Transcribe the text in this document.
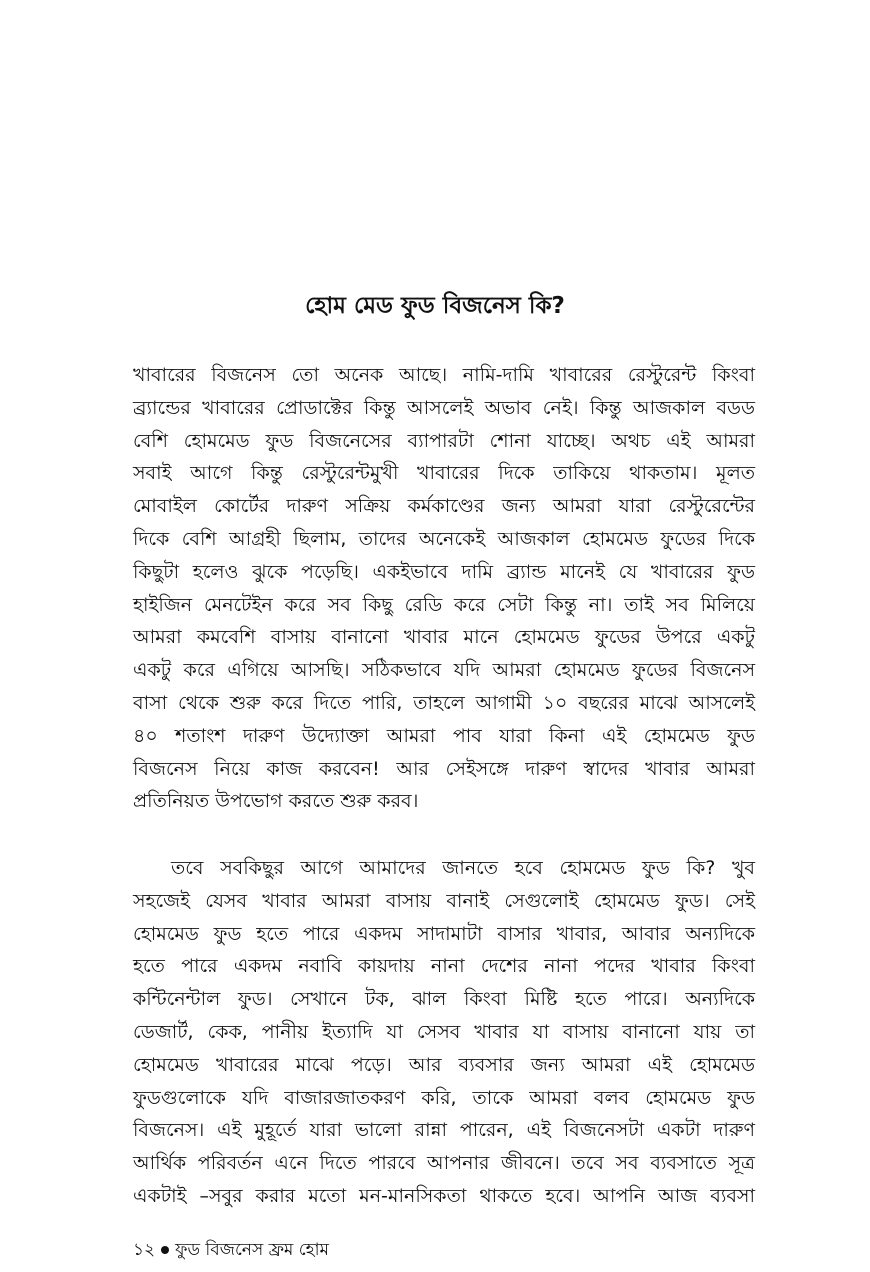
হোম মেড ফুড বিজনেস কি?
খাবারের বিজনেস তো অনেক আছে। নামি-দামি খাবারের রেস্টুরেন্ট কিংবা
ব্র্যান্ডের খাবারের প্রোডাক্টের কিন্তু আসলেই অভাব নেই। কিন্তু আজকাল বডড
বেশি হোমমেড ফুড বিজনেসের ব্যাপারটা শোনা যাচ্ছে। অথচ এই আমরা
সবাই আগে কিন্তু রেস্টুরেন্টমুখী খাবারের দিকে তাকিয়ে থাকতাম। মূলত
মোবাইল কোর্টের দারুণ সক্রিয় কর্মকাণ্ডের জন্য আমরা যারা রেস্টুরেন্টের
দিকে বেশি আগ্রহী ছিলাম, তাদের অনেকেই আজকাল হোমমেড ফুডের দিকে
কিছুটা হলেও ঝুকে পড়েছি। একইভাবে দামি ব্র্যান্ড মানেই যে খাবারের ফুড
হাইজিন মেনটেইন করে সব কিছু রেডি করে সেটা কিন্তু না। তাই সব মিলিয়ে
আমরা কমবেশি বাসায় বানানো খাবার মানে হোমমেড ফুডের উপরে একটু
একটু করে এগিয়ে আসছি। সঠিকভাবে যদি আমরা হোমমেড ফুডের বিজনেস
বাসা থেকে শুরু করে দিতে পারি, তাহলে আগামী ১০ বছরের মাঝে আসলেই
৪০ শতাংশ দারুণ উদ্যোক্তা আমরা পাব যারা কিনা এই হোমমেড ফুড
বিজনেস নিয়ে কাজ করবেন! আর সেইসঙ্গে দারুণ স্বাদের খাবার আমরা
প্রতিনিয়ত উপভোগ করতে শুরু করব।
তবে সবকিছুর আগে আমাদের জানতে হবে হোমমেড ফুড কি? খুব
সহজেই যেসব খাবার আমরা বাসায় বানাই সেগুলোই হোমমেড ফুড। সেই
হোমমেড ফুড হতে পারে একদম সাদামাটা বাসার খাবার, আবার অন্যদিকে
হতে পারে একদম নবাবি কায়দায় নানা দেশের নানা পদের খাবার কিংবা
কন্টিনেন্টাল ফুড। সেখানে টক, ঝাল কিংবা মিষ্টি হতে পারে। অন্যদিকে
ডেজার্ট, কেক, পানীয় ইত্যাদি যা সেসব খাবার যা বাসায় বানানো যায় তা
হোমমেড খাবারের মাঝে পড়ে। আর ব্যবসার জন্য আমরা এই হোমমেড
ফুডগুলোকে যদি বাজারজাতকরণ করি, তাকে আমরা বলব হোমমেড ফুড
বিজনেস। এই মুহূর্তে যারা ভালো রান্না পারেন, এই বিজনেসটা একটা দারুণ
আর্থিক পরিবর্তন এনে দিতে পারবে আপনার জীবনে। তবে সব ব্যবসাতে সূত্র
একটাই –সবুর করার মতো মন-মানসিকতা থাকতে হবে। আপনি আজ ব্যবসা
১২ ফুড বিজনেস ফ্রম হোম
